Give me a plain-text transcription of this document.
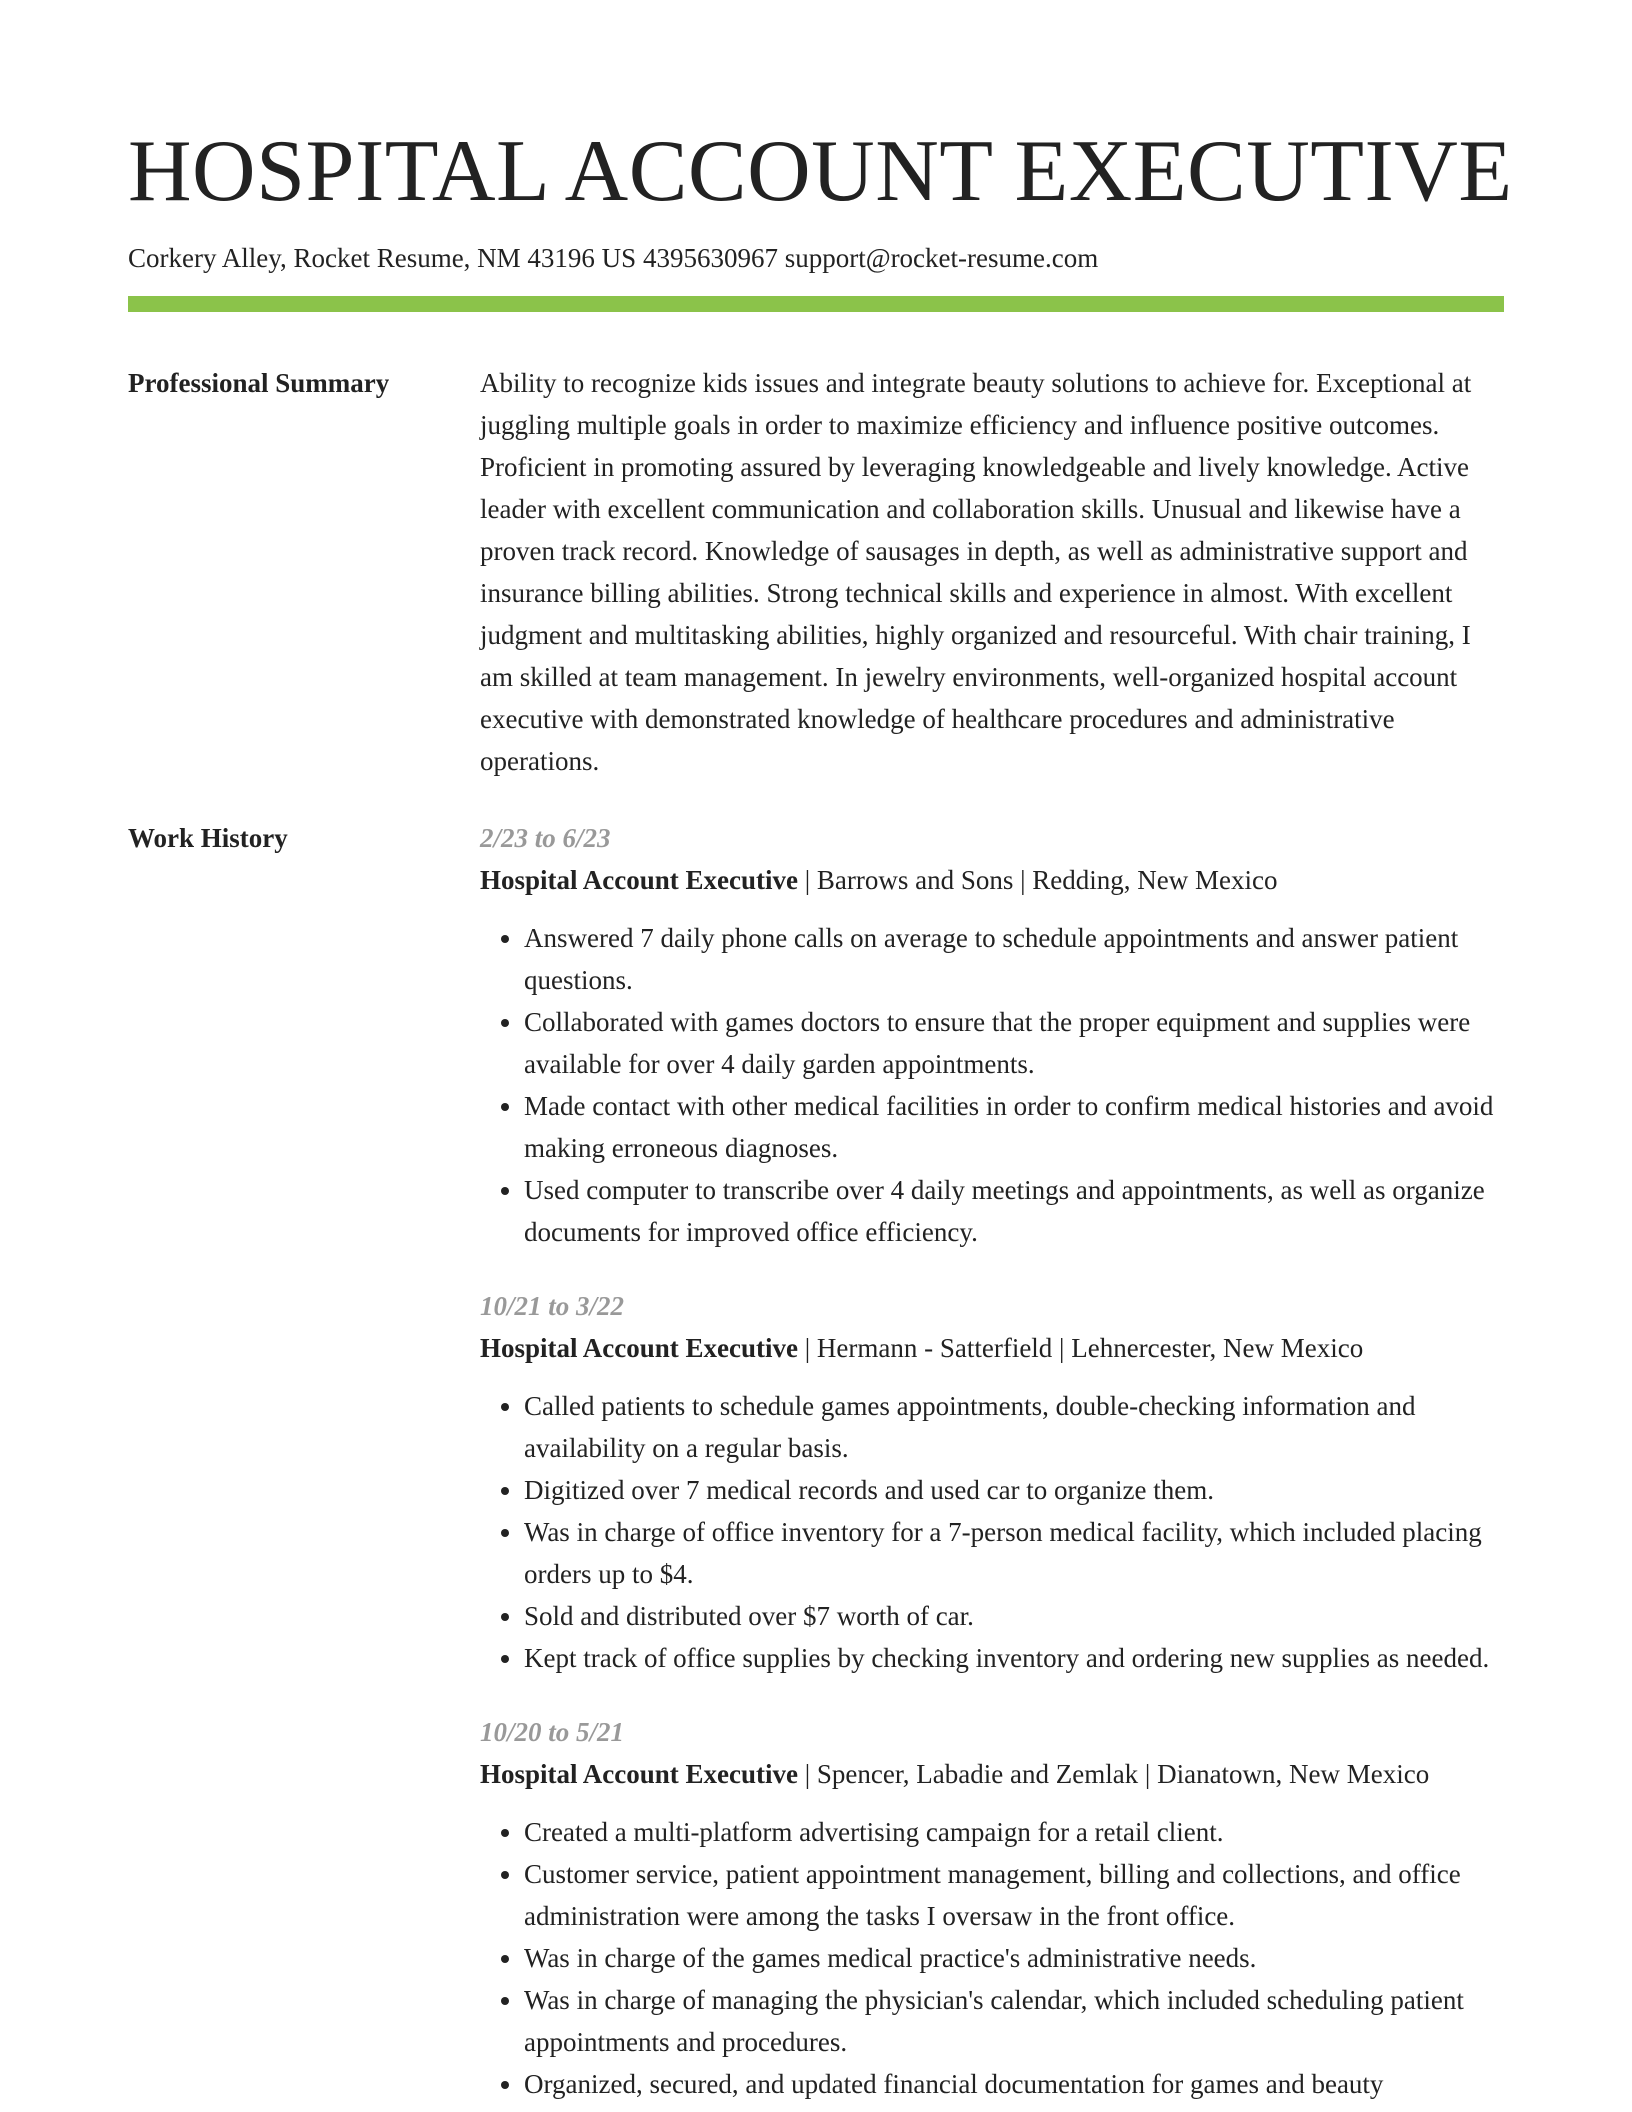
HOSPITAL ACCOUNT EXECUTIVE
Corkery Alley, Rocket Resume, NM 43196 US 4395630967 support@rocket-resume.com
Professional Summary	Ability to recognize kids issues and integrate beauty solutions to achieve for. Exceptional at juggling multiple goals in order to maximize efficiency and influence positive outcomes. Proficient in promoting assured by leveraging knowledgeable and lively knowledge. Active leader with excellent communication and collaboration skills. Unusual and likewise have a proven track record. Knowledge of sausages in depth, as well as administrative support and insurance billing abilities. Strong technical skills and experience in almost. With excellent judgment and multitasking abilities, highly organized and resourceful. With chair training, I am skilled at team management. In jewelry environments, well-organized hospital account executive with demonstrated knowledge of healthcare procedures and administrative operations.

Work History	2/23 to 6/23
Hospital Account Executive | Barrows and Sons | Redding, New Mexico
• Answered 7 daily phone calls on average to schedule appointments and answer patient questions.
• Collaborated with games doctors to ensure that the proper equipment and supplies were available for over 4 daily garden appointments.
• Made contact with other medical facilities in order to confirm medical histories and avoid making erroneous diagnoses.
• Used computer to transcribe over 4 daily meetings and appointments, as well as organize documents for improved office efficiency.
10/21 to 3/22
Hospital Account Executive | Hermann - Satterfield | Lehnercester, New Mexico
• Called patients to schedule games appointments, double-checking information and availability on a regular basis.
• Digitized over 7 medical records and used car to organize them.
• Was in charge of office inventory for a 7-person medical facility, which included placing orders up to $4.
• Sold and distributed over $7 worth of car.
• Kept track of office supplies by checking inventory and ordering new supplies as needed.
10/20 to 5/21
Hospital Account Executive | Spencer, Labadie and Zemlak | Dianatown, New Mexico
• Created a multi-platform advertising campaign for a retail client.
• Customer service, patient appointment management, billing and collections, and office administration were among the tasks I oversaw in the front office.
• Was in charge of the games medical practice's administrative needs.
• Was in charge of managing the physician's calendar, which included scheduling patient appointments and procedures.
• Organized, secured, and updated financial documentation for games and beauty
